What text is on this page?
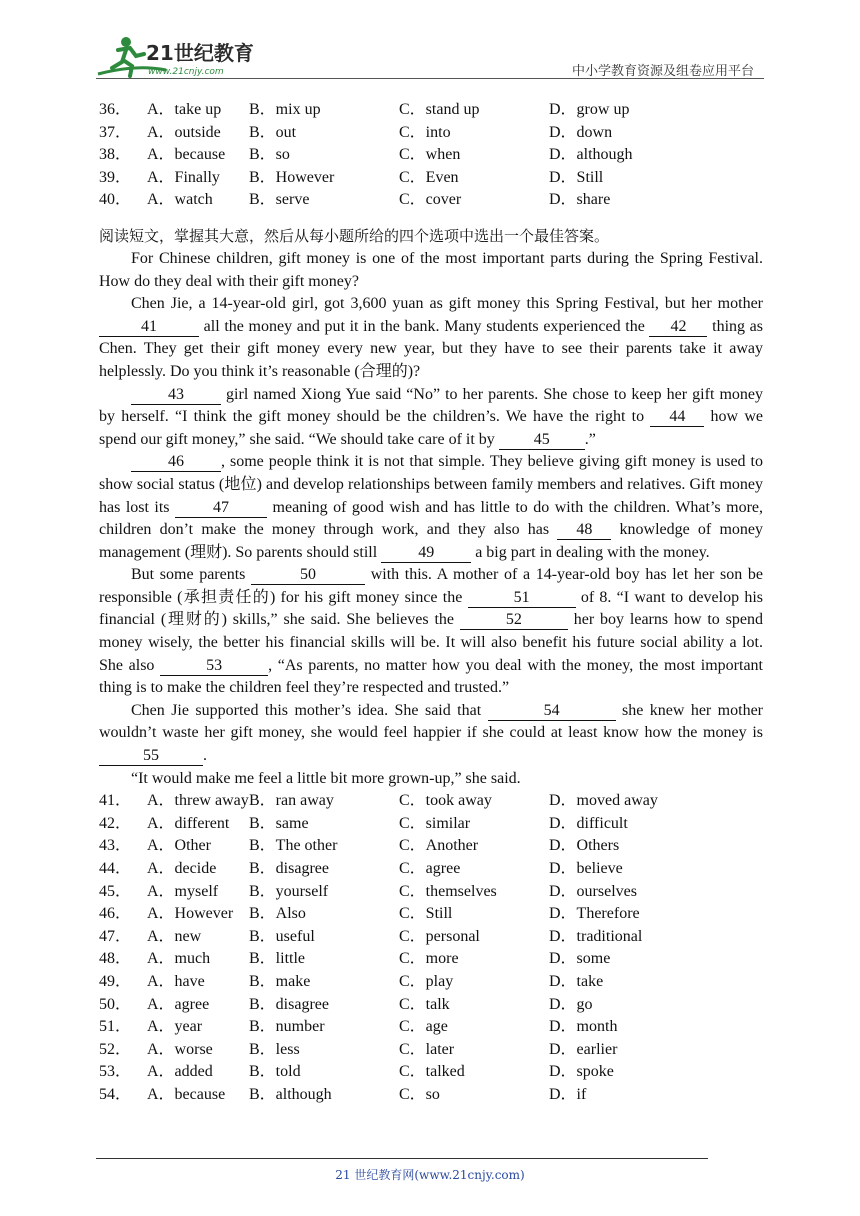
21世纪教育
www.21cnjy.com	中小学教育资源及组卷应用平台
36． A．take up	B．mix up	C．stand up	D．grow up
37． A．outside	B．out	C．into	D．down
38． A．because	B．so	C．when	D．although
39． A．Finally	B．However	C．Even	D．Still
40． A．watch	B．serve	C．cover	D．share
阅读短文，掌握其大意，然后从每小题所给的四个选项中选出一个最佳答案。

For Chinese children, gift money is one of the most important parts during the Spring Festival. How do they deal with their gift money?

Chen Jie, a 14-year-old girl, got 3,600 yuan as gift money this Spring Festival, but her mother 41	all the money and put it in the bank. Many students experienced the 42 thing as Chen. They get their gift money every new year, but they have to see their parents take it away helplessly. Do you think it’s reasonable (合理的)?

43 girl named Xiong Yue said “No” to her parents. She chose to keep her gift money by herself. “I think the gift money should be the children’s. We have the right to 44 how we spend our gift money,” she said. “We should take care of it by 45 .”

46 , some people think it is not that simple. They believe giving gift money is used to show social status (地位) and develop relationships between family members and relatives. Gift money has lost its 47 meaning of good wish and has little to do with the children. What’s more, children don’t make the money through work, and they also has 48 knowledge of money management (理财). So parents should still 49 a big part in dealing with the money.

But some parents	50	with this. A mother of a 14-year-old boy has let her son be responsible (承担责任的) for his gift money since the	51	of 8. “I want to develop his financial (理财的) skills,” she said. She believes the	52	her boy learns how to spend money wisely, the better his financial skills will be. It will also benefit his future social ability a lot. She also	53	, “As parents, no matter how you deal with the money, the most important thing is to make the children feel they’re respected and trusted.”

Chen Jie supported this mother’s idea. She said that	54	she knew her mother wouldn’t waste her gift money, she would feel happier if she could at least know how the money is 55	.

“It would make me feel a little bit more grown-up,” she said.

41． A．threw away B．ran away	C．took away	D．moved away
42． A．different	B．same	C．similar	D．difficult
43． A．Other	B．The other	C．Another	D．Others
44． A．decide	B．disagree	C．agree	D．believe
45． A．myself	B．yourself	C．themselves	D．ourselves
46． A．However B．Also	C．Still	D．Therefore
47． A．new	B．useful	C．personal	D．traditional
48． A．much	B．little	C．more	D．some
49． A．have	B．make	C．play	D．take
50． A．agree	B．disagree	C．talk	D．go
51． A．year	B．number	C．age	D．month
52． A．worse	B．less	C．later	D．earlier
53． A．added	B．told	C．talked	D．spoke
54． A．because	B．although	C．so	D．if
21 世纪教育网(www.21cnjy.com)
